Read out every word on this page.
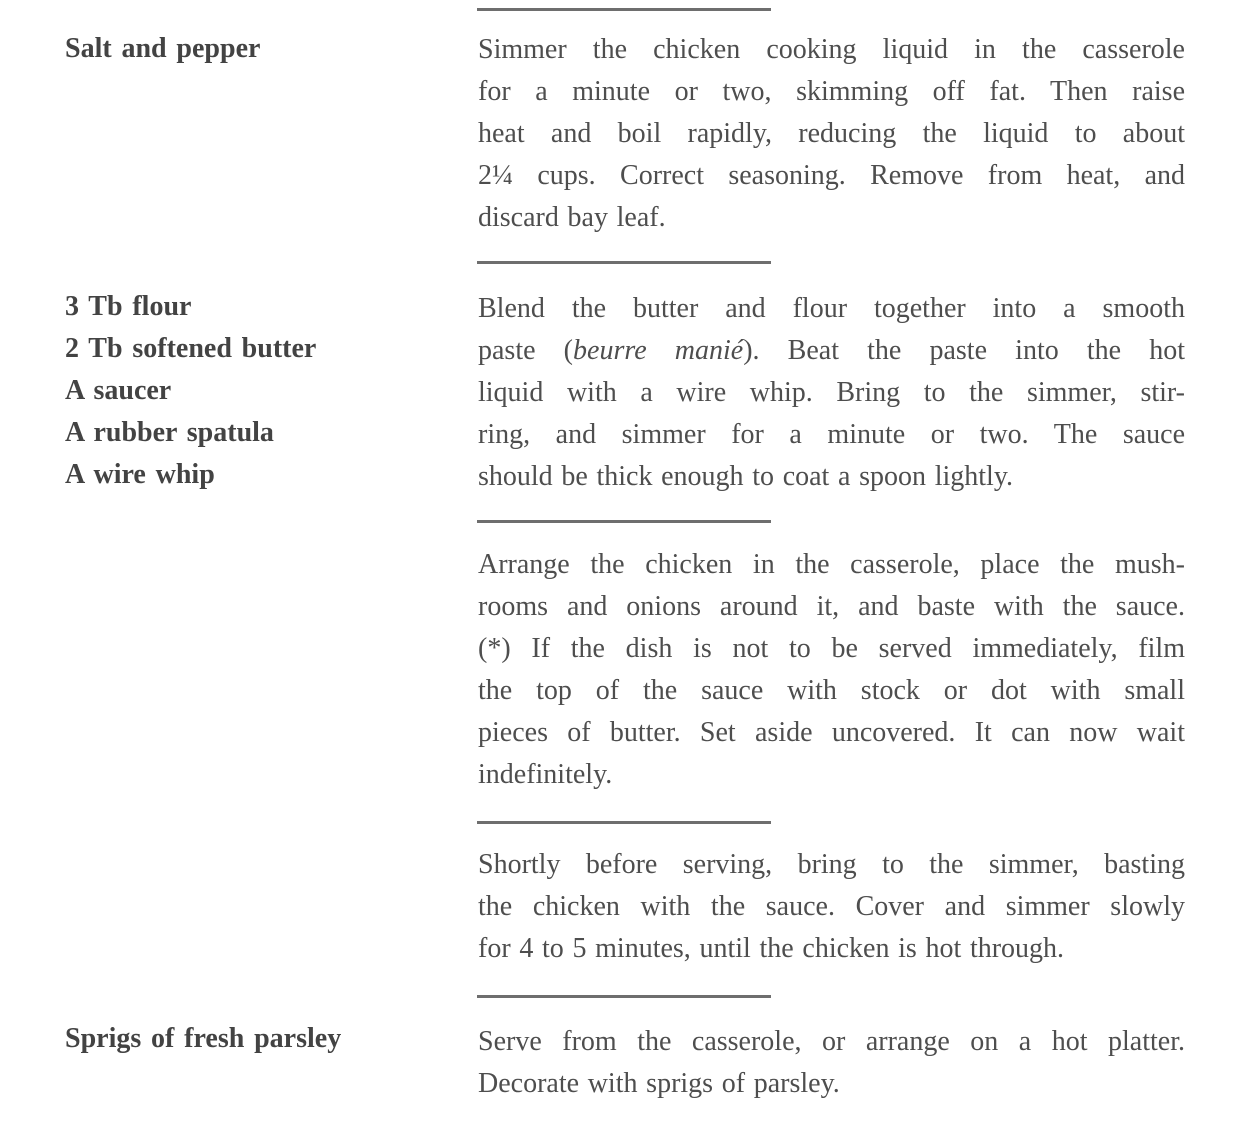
Salt and pepper	Simmer the chicken cooking liquid in the casserole
for a minute or two, skimming off fat. Then raise
heat and boil rapidly, reducing the liquid to about
2¼ cups. Correct seasoning. Remove from heat, and
discard bay leaf.
3 Tb flour
2 Tb softened butter
A saucer
A rubber spatula
A wire whip
Blend the butter and flour together into a smooth
paste (beurre manié). Beat the paste into the hot
liquid with a wire whip. Bring to the simmer, stir-
ring, and simmer for a minute or two. The sauce
should be thick enough to coat a spoon lightly.
Arrange the chicken in the casserole, place the mush-
rooms and onions around it, and baste with the sauce.
(*) If the dish is not to be served immediately, film
the top of the sauce with stock or dot with small
pieces of butter. Set aside uncovered. It can now wait
indefinitely.
Shortly before serving, bring to the simmer, basting
the chicken with the sauce. Cover and simmer slowly
for 4 to 5 minutes, until the chicken is hot through.
Sprigs of fresh parsley	Serve from the casserole, or arrange on a hot platter.
Decorate with sprigs of parsley.
